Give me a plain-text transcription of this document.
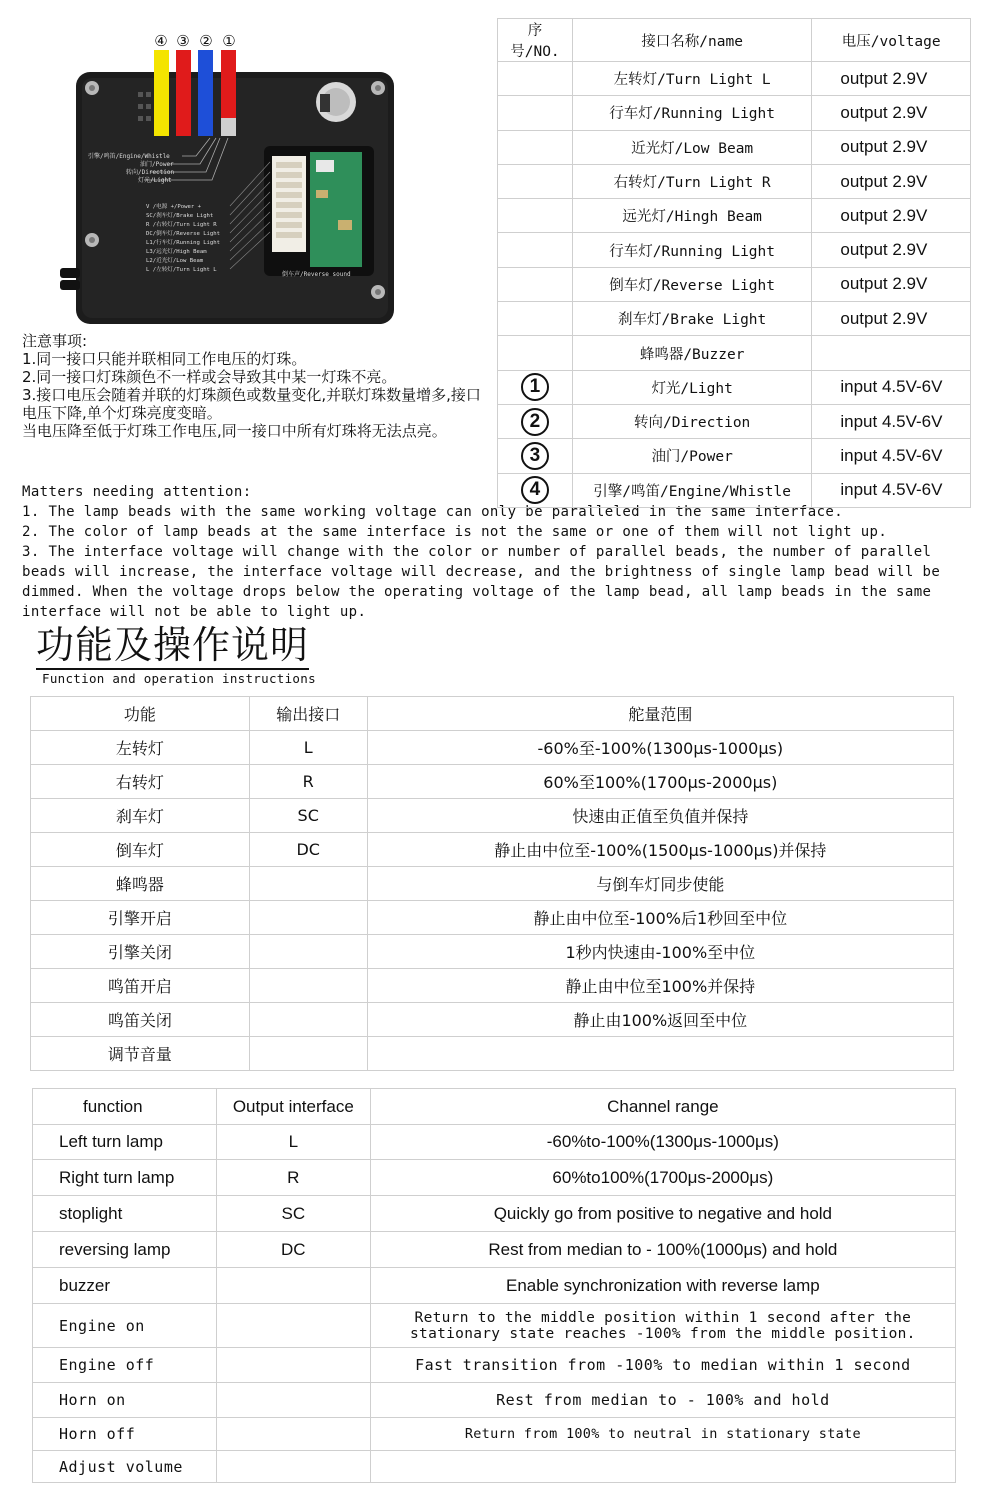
④ ③ ② ①
引擎/鸣笛/Engine/Whistle
油门/Power
转向/Direction
灯光/Light
V /电源 +/Power +
SC/刹车灯/Brake Light
R /右转灯/Turn Light R
DC/倒车灯/Reverse Light
L1/行车灯/Running Light
L3/远光灯/High Beam
L2/近光灯/Low Beam
L /左转灯/Turn Light L
倒车声/Reverse sound
注意事项:
1.同一接口只能并联相同工作电压的灯珠。
2.同一接口灯珠颜色不一样或会导致其中某一灯珠不亮。
3.接口电压会随着并联的灯珠颜色或数量变化,并联灯珠数量增多,接口电压下降,单个灯珠亮度变暗。
当电压降至低于灯珠工作电压,同一接口中所有灯珠将无法点亮。
Matters needing attention:
1. The lamp beads with the same working voltage can only be paralleled in the same interface.
2. The color of lamp beads at the same interface is not the same or one of them will not light up.
3. The interface voltage will change with the color or number of parallel beads, the number of parallel beads will increase, the interface voltage will decrease, and the brightness of single lamp bead will be dimmed. When the voltage drops below the operating voltage of the lamp bead, all lamp beads in the same interface will not be able to light up.
序号/NO.	接口名称/name	电压/voltage
	左转灯/Turn Light L	output 2.9V
	行车灯/Running Light	output 2.9V
	近光灯/Low Beam	output 2.9V
	右转灯/Turn Light R	output 2.9V
	远光灯/Hingh Beam	output 2.9V
	行车灯/Running Light	output 2.9V
	倒车灯/Reverse Light	output 2.9V
	刹车灯/Brake Light	output 2.9V
	蜂鸣器/Buzzer	
1	灯光/Light	input 4.5V-6V
2	转向/Direction	input 4.5V-6V
3	油门/Power	input 4.5V-6V
4	引擎/鸣笛/Engine/Whistle	input 4.5V-6V
功能及操作说明
Function and operation instructions
功能	输出接口	舵量范围
左转灯	L	-60%至-100%(1300μs-1000μs)
右转灯	R	60%至100%(1700μs-2000μs)
刹车灯	SC	快速由正值至负值并保持
倒车灯	DC	静止由中位至-100%(1500μs-1000μs)并保持
蜂鸣器		与倒车灯同步使能
引擎开启		静止由中位至-100%后1秒回至中位
引擎关闭		1秒内快速由-100%至中位
鸣笛开启		静止由中位至100%并保持
鸣笛关闭		静止由100%返回至中位
调节音量		
function	Output interface	Channel range
Left turn lamp	L	-60%to-100%(1300μs-1000μs)
Right turn lamp	R	60%to100%(1700μs-2000μs)
stoplight	SC	Quickly go from positive to negative and hold
reversing lamp	DC	Rest from median to - 100%(1000μs) and hold
buzzer		Enable synchronization with reverse lamp
Engine on		Return to the middle position within 1 second after the stationary state reaches -100% from the middle position.
Engine off		Fast transition from -100% to median within 1 second
Horn on		Rest from median to - 100% and hold
Horn off		Return from 100% to neutral in stationary state
Adjust volume		
